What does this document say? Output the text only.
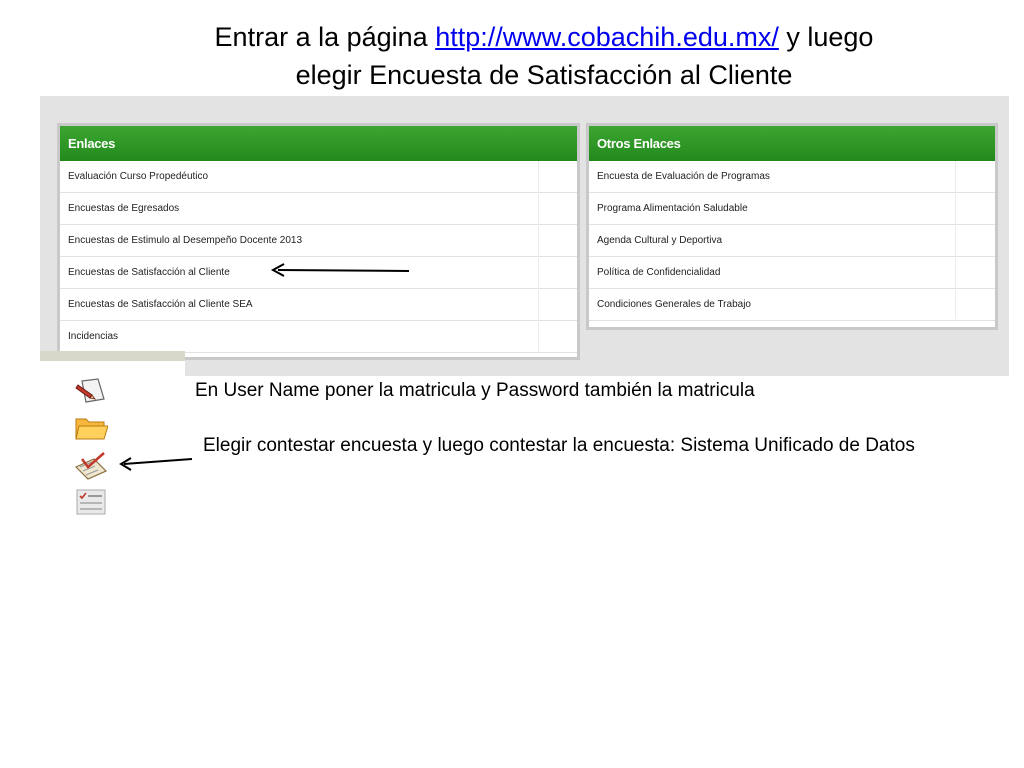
Entrar a la página http://www.cobachih.edu.mx/ y luego
elegir Encuesta de Satisfacción al Cliente
Enlaces
Evaluación Curso Propedéutico
Encuestas de Egresados
Encuestas de Estimulo al Desempeño Docente 2013
Encuestas de Satisfacción al Cliente
Encuestas de Satisfacción al Cliente SEA
Incidencias
Otros Enlaces
Encuesta de Evaluación de Programas
Programa Alimentación Saludable
Agenda Cultural y Deportiva
Política de Confidencialidad
Condiciones Generales de Trabajo
En User Name poner la matricula y Password también la matricula
Elegir contestar encuesta y luego contestar la encuesta: Sistema Unificado de Datos
